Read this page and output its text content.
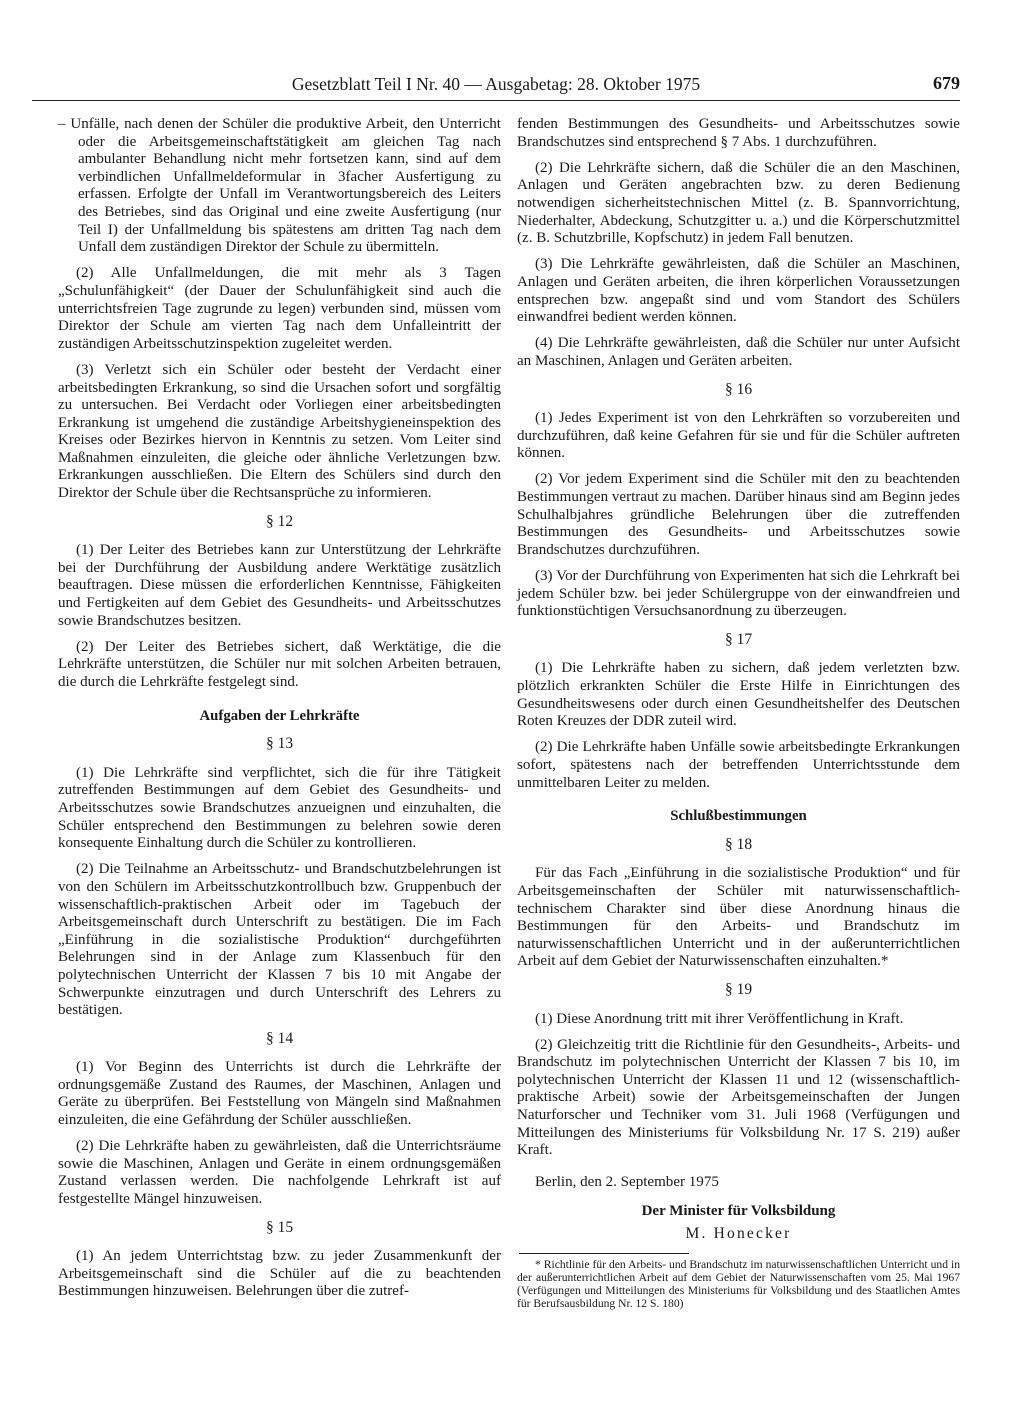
Gesetzblatt Teil I Nr. 40 — Ausgabetag: 28. Oktober 1975	679

– Unfälle, nach denen der Schüler die produktive Arbeit, den Unterricht oder die Arbeitsgemeinschaftstätigkeit am gleichen Tag nach ambulanter Behandlung nicht mehr fortsetzen kann, sind auf dem verbindlichen Unfallmeldeformular in 3facher Ausfertigung zu erfassen. Erfolgte der Unfall im Verantwortungsbereich des Leiters des Betriebes, sind das Original und eine zweite Ausfertigung (nur Teil I) der Unfallmeldung bis spätestens am dritten Tag nach dem Unfall dem zuständigen Direktor der Schule zu übermitteln.

(2) Alle Unfallmeldungen, die mit mehr als 3 Tagen „Schulunfähigkeit“ (der Dauer der Schulunfähigkeit sind auch die unterrichtsfreien Tage zugrunde zu legen) verbunden sind, müssen vom Direktor der Schule am vierten Tag nach dem Unfalleintritt der zuständigen Arbeitsschutzinspektion zugeleitet werden.

(3) Verletzt sich ein Schüler oder besteht der Verdacht einer arbeitsbedingten Erkrankung, so sind die Ursachen sofort und sorgfältig zu untersuchen. Bei Verdacht oder Vorliegen einer arbeitsbedingten Erkrankung ist umgehend die zuständige Arbeitshygieneinspektion des Kreises oder Bezirkes hiervon in Kenntnis zu setzen. Vom Leiter sind Maßnahmen einzuleiten, die gleiche oder ähnliche Verletzungen bzw. Erkrankungen ausschließen. Die Eltern des Schülers sind durch den Direktor der Schule über die Rechtsansprüche zu informieren.

§ 12

(1) Der Leiter des Betriebes kann zur Unterstützung der Lehrkräfte bei der Durchführung der Ausbildung andere Werktätige zusätzlich beauftragen. Diese müssen die erforderlichen Kenntnisse, Fähigkeiten und Fertigkeiten auf dem Gebiet des Gesundheits- und Arbeitsschutzes sowie Brandschutzes besitzen.

(2) Der Leiter des Betriebes sichert, daß Werktätige, die die Lehrkräfte unterstützen, die Schüler nur mit solchen Arbeiten betrauen, die durch die Lehrkräfte festgelegt sind.

Aufgaben der Lehrkräfte
§ 13

(1) Die Lehrkräfte sind verpflichtet, sich die für ihre Tätigkeit zutreffenden Bestimmungen auf dem Gebiet des Gesundheits- und Arbeitsschutzes sowie Brandschutzes anzueignen und einzuhalten, die Schüler entsprechend den Bestimmungen zu belehren sowie deren konsequente Einhaltung durch die Schüler zu kontrollieren.

(2) Die Teilnahme an Arbeitsschutz- und Brandschutzbelehrungen ist von den Schülern im Arbeitsschutzkontrollbuch bzw. Gruppenbuch der wissenschaftlich-praktischen Arbeit oder im Tagebuch der Arbeitsgemeinschaft durch Unterschrift zu bestätigen. Die im Fach „Einführung in die sozialistische Produktion“ durchgeführten Belehrungen sind in der Anlage zum Klassenbuch für den polytechnischen Unterricht der Klassen 7 bis 10 mit Angabe der Schwerpunkte einzutragen und durch Unterschrift des Lehrers zu bestätigen.

§ 14

(1) Vor Beginn des Unterrichts ist durch die Lehrkräfte der ordnungsgemäße Zustand des Raumes, der Maschinen, Anlagen und Geräte zu überprüfen. Bei Feststellung von Mängeln sind Maßnahmen einzuleiten, die eine Gefährdung der Schüler ausschließen.

(2) Die Lehrkräfte haben zu gewährleisten, daß die Unterrichtsräume sowie die Maschinen, Anlagen und Geräte in einem ordnungsgemäßen Zustand verlassen werden. Die nachfolgende Lehrkraft ist auf festgestellte Mängel hinzuweisen.

§ 15

(1) An jedem Unterrichtstag bzw. zu jeder Zusammenkunft der Arbeitsgemeinschaft sind die Schüler auf die zu beachtenden Bestimmungen hinzuweisen. Belehrungen über die zutref-

fenden Bestimmungen des Gesundheits- und Arbeitsschutzes sowie Brandschutzes sind entsprechend § 7 Abs. 1 durchzuführen.

(2) Die Lehrkräfte sichern, daß die Schüler die an den Maschinen, Anlagen und Geräten angebrachten bzw. zu deren Bedienung notwendigen sicherheitstechnischen Mittel (z. B. Spannvorrichtung, Niederhalter, Abdeckung, Schutzgitter u. a.) und die Körperschutzmittel (z. B. Schutzbrille, Kopfschutz) in jedem Fall benutzen.

(3) Die Lehrkräfte gewährleisten, daß die Schüler an Maschinen, Anlagen und Geräten arbeiten, die ihren körperlichen Voraussetzungen entsprechen bzw. angepaßt sind und vom Standort des Schülers einwandfrei bedient werden können.

(4) Die Lehrkräfte gewährleisten, daß die Schüler nur unter Aufsicht an Maschinen, Anlagen und Geräten arbeiten.

§ 16

(1) Jedes Experiment ist von den Lehrkräften so vorzubereiten und durchzuführen, daß keine Gefahren für sie und für die Schüler auftreten können.

(2) Vor jedem Experiment sind die Schüler mit den zu beachtenden Bestimmungen vertraut zu machen. Darüber hinaus sind am Beginn jedes Schulhalbjahres gründliche Belehrungen über die zutreffenden Bestimmungen des Gesundheits- und Arbeitsschutzes sowie Brandschutzes durchzuführen.

(3) Vor der Durchführung von Experimenten hat sich die Lehrkraft bei jedem Schüler bzw. bei jeder Schülergruppe von der einwandfreien und funktionstüchtigen Versuchsanordnung zu überzeugen.

§ 17

(1) Die Lehrkräfte haben zu sichern, daß jedem verletzten bzw. plötzlich erkrankten Schüler die Erste Hilfe in Einrichtungen des Gesundheitswesens oder durch einen Gesundheitshelfer des Deutschen Roten Kreuzes der DDR zuteil wird.

(2) Die Lehrkräfte haben Unfälle sowie arbeitsbedingte Erkrankungen sofort, spätestens nach der betreffenden Unterrichtsstunde dem unmittelbaren Leiter zu melden.

Schlußbestimmungen
§ 18

Für das Fach „Einführung in die sozialistische Produktion“ und für Arbeitsgemeinschaften der Schüler mit naturwissenschaftlich-technischem Charakter sind über diese Anordnung hinaus die Bestimmungen für den Arbeits- und Brandschutz im naturwissenschaftlichen Unterricht und in der außerunterrichtlichen Arbeit auf dem Gebiet der Naturwissenschaften einzuhalten.*

§ 19

(1) Diese Anordnung tritt mit ihrer Veröffentlichung in Kraft.

(2) Gleichzeitig tritt die Richtlinie für den Gesundheits-, Arbeits- und Brandschutz im polytechnischen Unterricht der Klassen 7 bis 10, im polytechnischen Unterricht der Klassen 11 und 12 (wissenschaftlich-praktische Arbeit) sowie der Arbeitsgemeinschaften der Jungen Naturforscher und Techniker vom 31. Juli 1968 (Verfügungen und Mitteilungen des Ministeriums für Volksbildung Nr. 17 S. 219) außer Kraft.

Berlin, den 2. September 1975
Der Minister für Volksbildung
M. Honecker

* Richtlinie für den Arbeits- und Brandschutz im naturwissenschaftlichen Unterricht und in der außerunterrichtlichen Arbeit auf dem Gebiet der Naturwissenschaften vom 25. Mai 1967 (Verfügungen und Mitteilungen des Ministeriums für Volksbildung und des Staatlichen Amtes für Berufsausbildung Nr. 12 S. 180)
